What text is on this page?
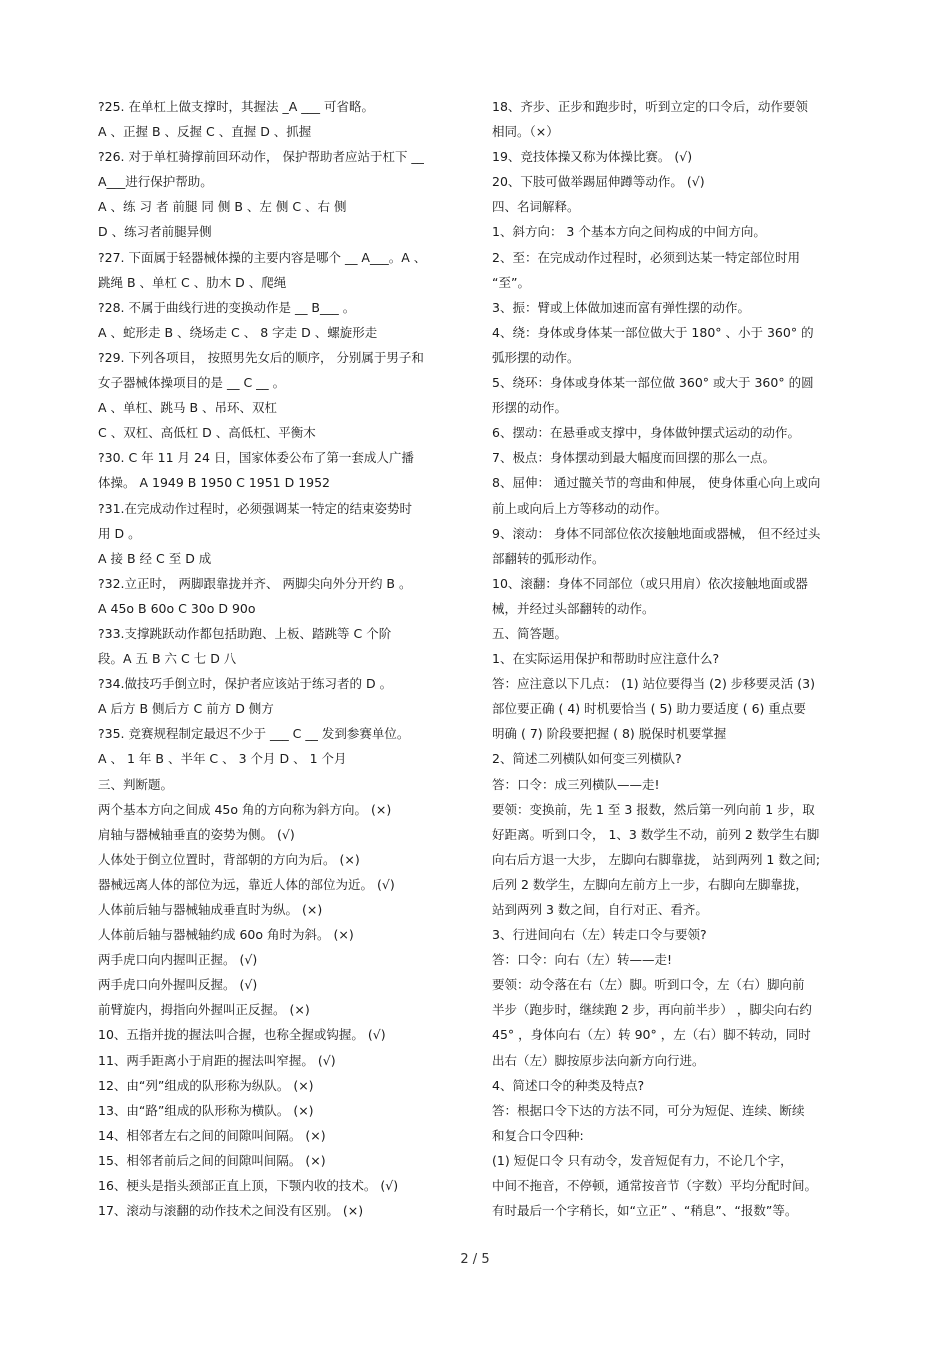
?25. 在单杠上做支撑时，其握法 _A ___ 可省略。
A 、正握 B 、反握 C 、直握 D 、抓握
?26. 对于单杠骑撑前回环动作， 保护帮助者应站于杠下 __
A___进行保护帮助。
A 、练 习 者 前腿 同 侧 B 、左 侧 C 、右 侧
D 、练习者前腿异侧
?27. 下面属于轻器械体操的主要内容是哪个 __ A___。A 、
跳绳 B 、单杠 C 、肋木 D 、爬绳
?28. 不属于曲线行进的变换动作是 __ B___ 。
A 、蛇形走 B 、绕场走 C 、 8 字走 D 、螺旋形走
?29. 下列各项目， 按照男先女后的顺序， 分别属于男子和
女子器械体操项目的是 __ C __ 。
A 、单杠、跳马 B 、吊环、双杠
C 、双杠、高低杠 D 、高低杠、平衡木
?30. C 年 11 月 24 日，国家体委公布了第一套成人广播
体操。 A 1949 B 1950 C 1951 D 1952
?31.在完成动作过程时，必须强调某一特定的结束姿势时
用 D 。
A 接 B 经 C 至 D 成
?32.立正时， 两脚跟靠拢并齐、 两脚尖向外分开约 B 。
A 45o B 60o C 30o D 90o
?33.支撑跳跃动作都包括助跑、上板、踏跳等 C 个阶
段。A 五 B 六 C 七 D 八
?34.做技巧手倒立时，保护者应该站于练习者的 D 。
A 后方 B 侧后方 C 前方 D 侧方
?35. 竞赛规程制定最迟不少于 ___ C __ 发到参赛单位。
A 、 1 年 B 、半年 C 、 3 个月 D 、 1 个月
三、判断题。
两个基本方向之间成 45o 角的方向称为斜方向。 (×)
肩轴与器械轴垂直的姿势为侧。 (√)
人体处于倒立位置时，背部朝的方向为后。 (×)
器械远离人体的部位为远，靠近人体的部位为近。 (√)
人体前后轴与器械轴成垂直时为纵。 (×)
人体前后轴与器械轴约成 60o 角时为斜。 (×)
两手虎口向内握叫正握。 (√)
两手虎口向外握叫反握。 (√)
前臂旋内，拇指向外握叫正反握。 (×)
10、五指并拢的握法叫合握，也称全握或钩握。 (√)
11、两手距离小于肩距的握法叫窄握。 (√)
12、由“列”组成的队形称为纵队。 (×)
13、由“路”组成的队形称为横队。 (×)
14、相邻者左右之间的间隙叫间隔。 (×)
15、相邻者前后之间的间隙叫间隔。 (×)
16、梗头是指头颈部正直上顶，下颚内收的技术。 (√)
17、滚动与滚翻的动作技术之间没有区别。 (×)
18、齐步、正步和跑步时，听到立定的口令后，动作要领
相同。（×）
19、竞技体操又称为体操比赛。 (√)
20、下肢可做举踢屈伸蹲等动作。 (√)
四、名词解释。
1、斜方向： 3 个基本方向之间构成的中间方向。
2、至：在完成动作过程时，必须到达某一特定部位时用
“至”。
3、振：臂或上体做加速而富有弹性摆的动作。
4、绕：身体或身体某一部位做大于 180° 、小于 360° 的
弧形摆的动作。
5、绕环：身体或身体某一部位做 360° 或大于 360° 的圆
形摆的动作。
6、摆动：在悬垂或支撑中，身体做钟摆式运动的动作。
7、极点：身体摆动到最大幅度而回摆的那么一点。
8、屈伸： 通过髋关节的弯曲和伸展， 使身体重心向上或向
前上或向后上方等移动的动作。
9、滚动： 身体不同部位依次接触地面或器械， 但不经过头
部翻转的弧形动作。
10、滚翻：身体不同部位（或只用肩）依次接触地面或器
械，并经过头部翻转的动作。
五、简答题。
1、在实际运用保护和帮助时应注意什么?
答：应注意以下几点： (1) 站位要得当 (2) 步移要灵活 (3)
部位要正确 ( 4) 时机要恰当 ( 5) 助力要适度 ( 6) 重点要
明确 ( 7) 阶段要把握 ( 8) 脱保时机要掌握
2、简述二列横队如何变三列横队?
答：口令：成三列横队——走!
要领：变换前，先 1 至 3 报数，然后第一列向前 1 步，取
好距离。听到口令， 1、3 数学生不动，前列 2 数学生右脚
向右后方退一大步， 左脚向右脚靠拢， 站到两列 1 数之间;
后列 2 数学生，左脚向左前方上一步，右脚向左脚靠拢，
站到两列 3 数之间，自行对正、看齐。
3、行进间向右（左）转走口令与要领?
答：口令：向右（左）转——走!
要领：动令落在右（左）脚。听到口令，左（右）脚向前
半步（跑步时，继续跑 2 步，再向前半步） ，脚尖向右约
45° ，身体向右（左）转 90° ，左（右）脚不转动，同时
出右（左）脚按原步法向新方向行进。
4、简述口令的种类及特点?
答：根据口令下达的方法不同，可分为短促、连续、断续
和复合口令四种:
(1) 短促口令 只有动令，发音短促有力，不论几个字，
中间不拖音，不停顿，通常按音节（字数）平均分配时间。
有时最后一个字稍长，如“立正” 、“稍息”、“报数”等。
2 / 5
